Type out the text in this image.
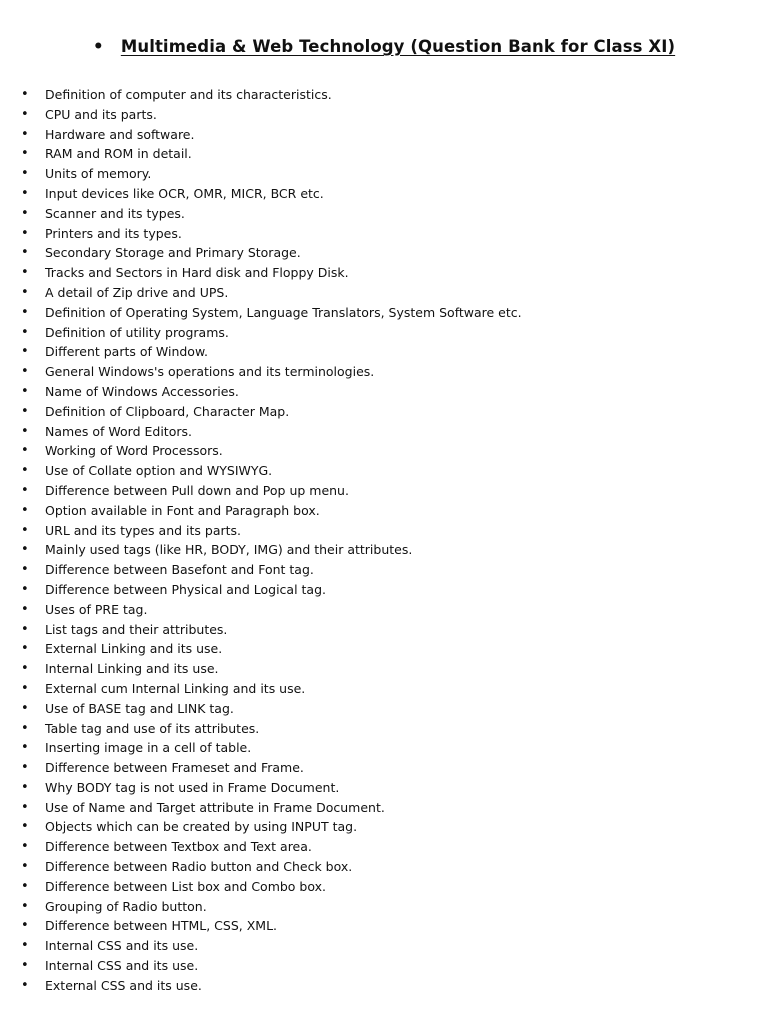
• Multimedia & Web Technology (Question Bank for Class XI)
• Definition of computer and its characteristics.
• CPU and its parts.
• Hardware and software.
• RAM and ROM in detail.
• Units of memory.
• Input devices like OCR, OMR, MICR, BCR etc.
• Scanner and its types.
• Printers and its types.
• Secondary Storage and Primary Storage.
• Tracks and Sectors in Hard disk and Floppy Disk.
• A detail of Zip drive and UPS.
• Definition of Operating System, Language Translators, System Software etc.
• Definition of utility programs.
• Different parts of Window.
• General Windows's operations and its terminologies.
• Name of Windows Accessories.
• Definition of Clipboard, Character Map.
• Names of Word Editors.
• Working of Word Processors.
• Use of Collate option and WYSIWYG.
• Difference between Pull down and Pop up menu.
• Option available in Font and Paragraph box.
• URL and its types and its parts.
• Mainly used tags (like HR, BODY, IMG) and their attributes.
• Difference between Basefont and Font tag.
• Difference between Physical and Logical tag.
• Uses of PRE tag.
• List tags and their attributes.
• External Linking and its use.
• Internal Linking and its use.
• External cum Internal Linking and its use.
• Use of BASE tag and LINK tag.
• Table tag and use of its attributes.
• Inserting image in a cell of table.
• Difference between Frameset and Frame.
• Why BODY tag is not used in Frame Document.
• Use of Name and Target attribute in Frame Document.
• Objects which can be created by using INPUT tag.
• Difference between Textbox and Text area.
• Difference between Radio button and Check box.
• Difference between List box and Combo box.
• Grouping of Radio button.
• Difference between HTML, CSS, XML.
• Internal CSS and its use.
• Internal CSS and its use.
• External CSS and its use.
